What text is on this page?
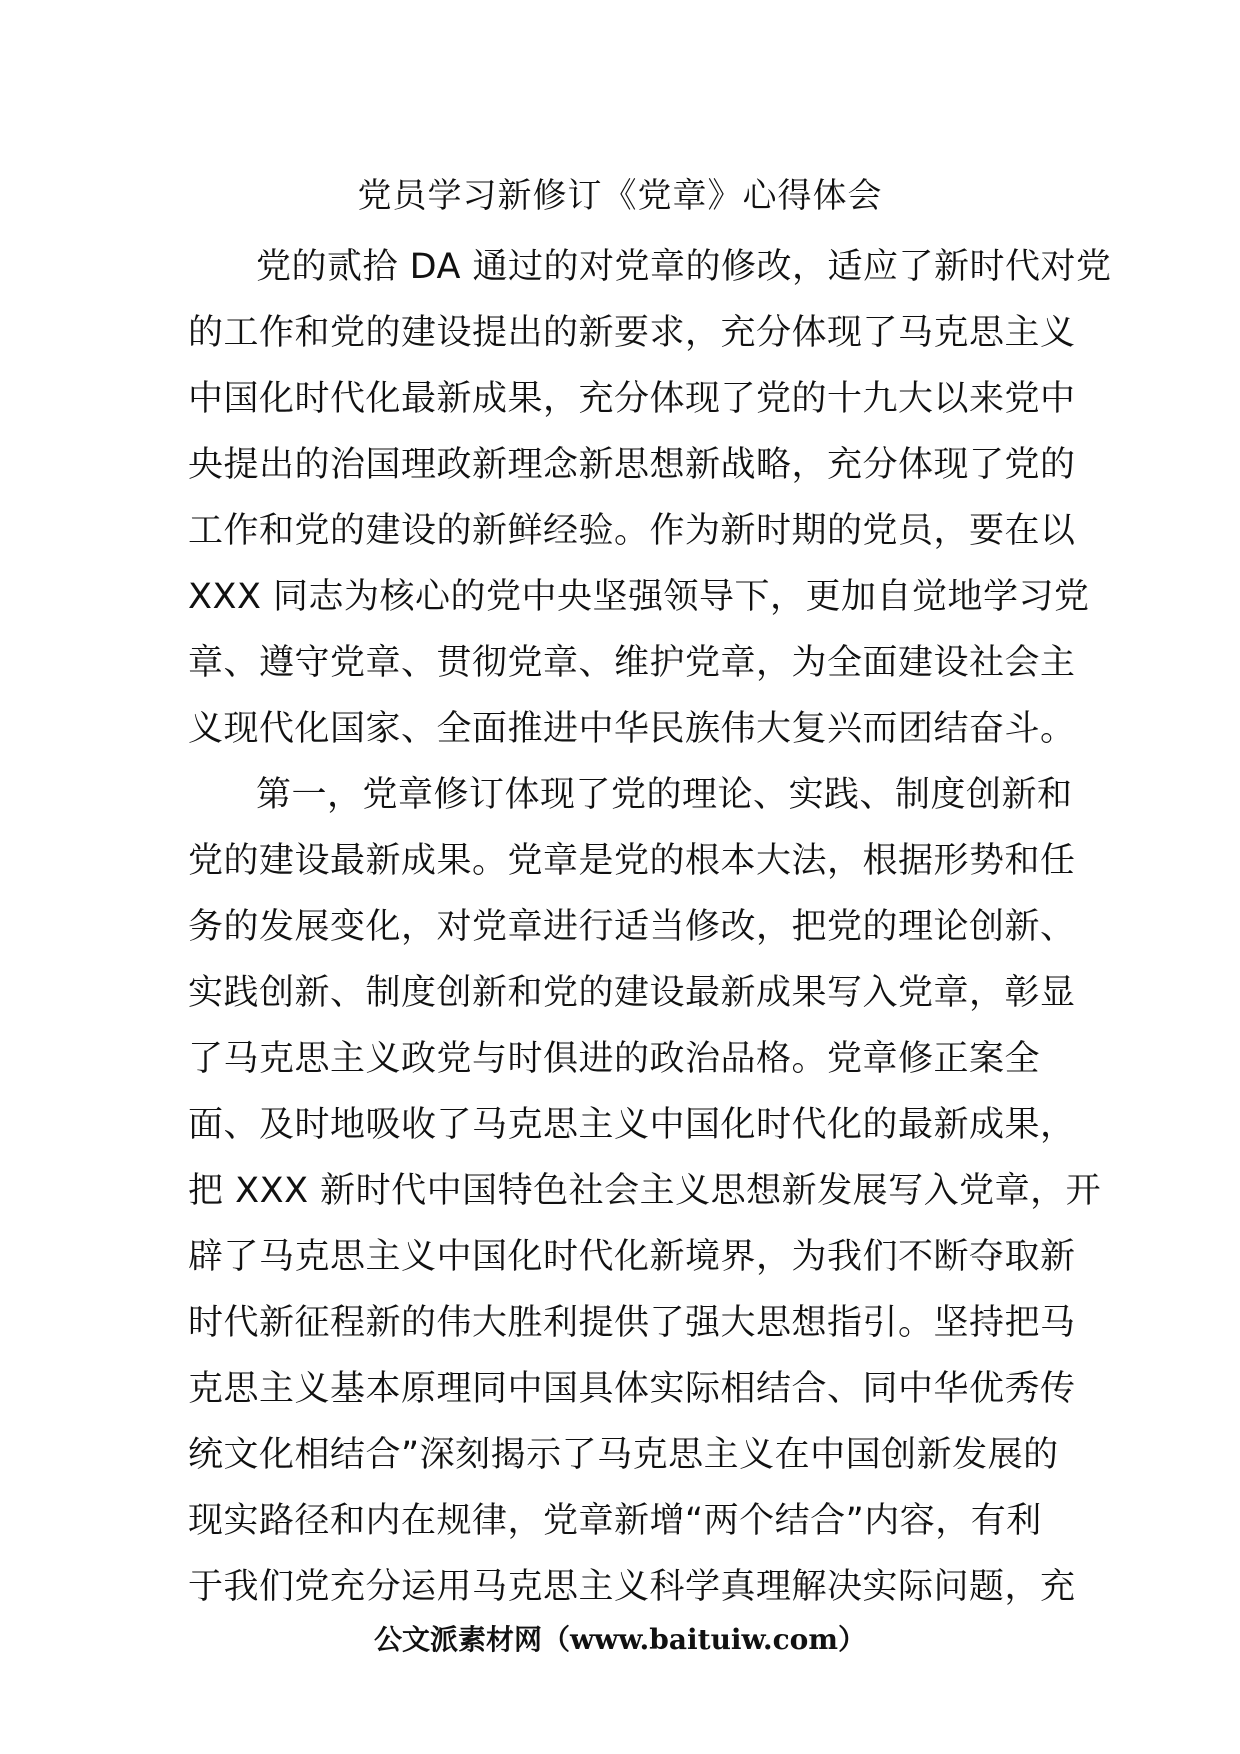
党员学习新修订《党章》心得体会
党的贰拾 DA 通过的对党章的修改，适应了新时代对党
的工作和党的建设提出的新要求，充分体现了马克思主义
中国化时代化最新成果，充分体现了党的十九大以来党中
央提出的治国理政新理念新思想新战略，充分体现了党的
工作和党的建设的新鲜经验。作为新时期的党员，要在以
XXX 同志为核心的党中央坚强领导下，更加自觉地学习党
章、遵守党章、贯彻党章、维护党章，为全面建设社会主
义现代化国家、全面推进中华民族伟大复兴而团结奋斗。
第一，党章修订体现了党的理论、实践、制度创新和
党的建设最新成果。党章是党的根本大法，根据形势和任
务的发展变化，对党章进行适当修改，把党的理论创新、
实践创新、制度创新和党的建设最新成果写入党章，彰显
了马克思主义政党与时俱进的政治品格。党章修正案全
面、及时地吸收了马克思主义中国化时代化的最新成果，
把 XXX 新时代中国特色社会主义思想新发展写入党章，开
辟了马克思主义中国化时代化新境界，为我们不断夺取新
时代新征程新的伟大胜利提供了强大思想指引。坚持把马
克思主义基本原理同中国具体实际相结合、同中华优秀传
统文化相结合”深刻揭示了马克思主义在中国创新发展的
现实路径和内在规律，党章新增“两个结合”内容，有利
于我们党充分运用马克思主义科学真理解决实际问题，充
公文派素材网（www.baituiw.com）
